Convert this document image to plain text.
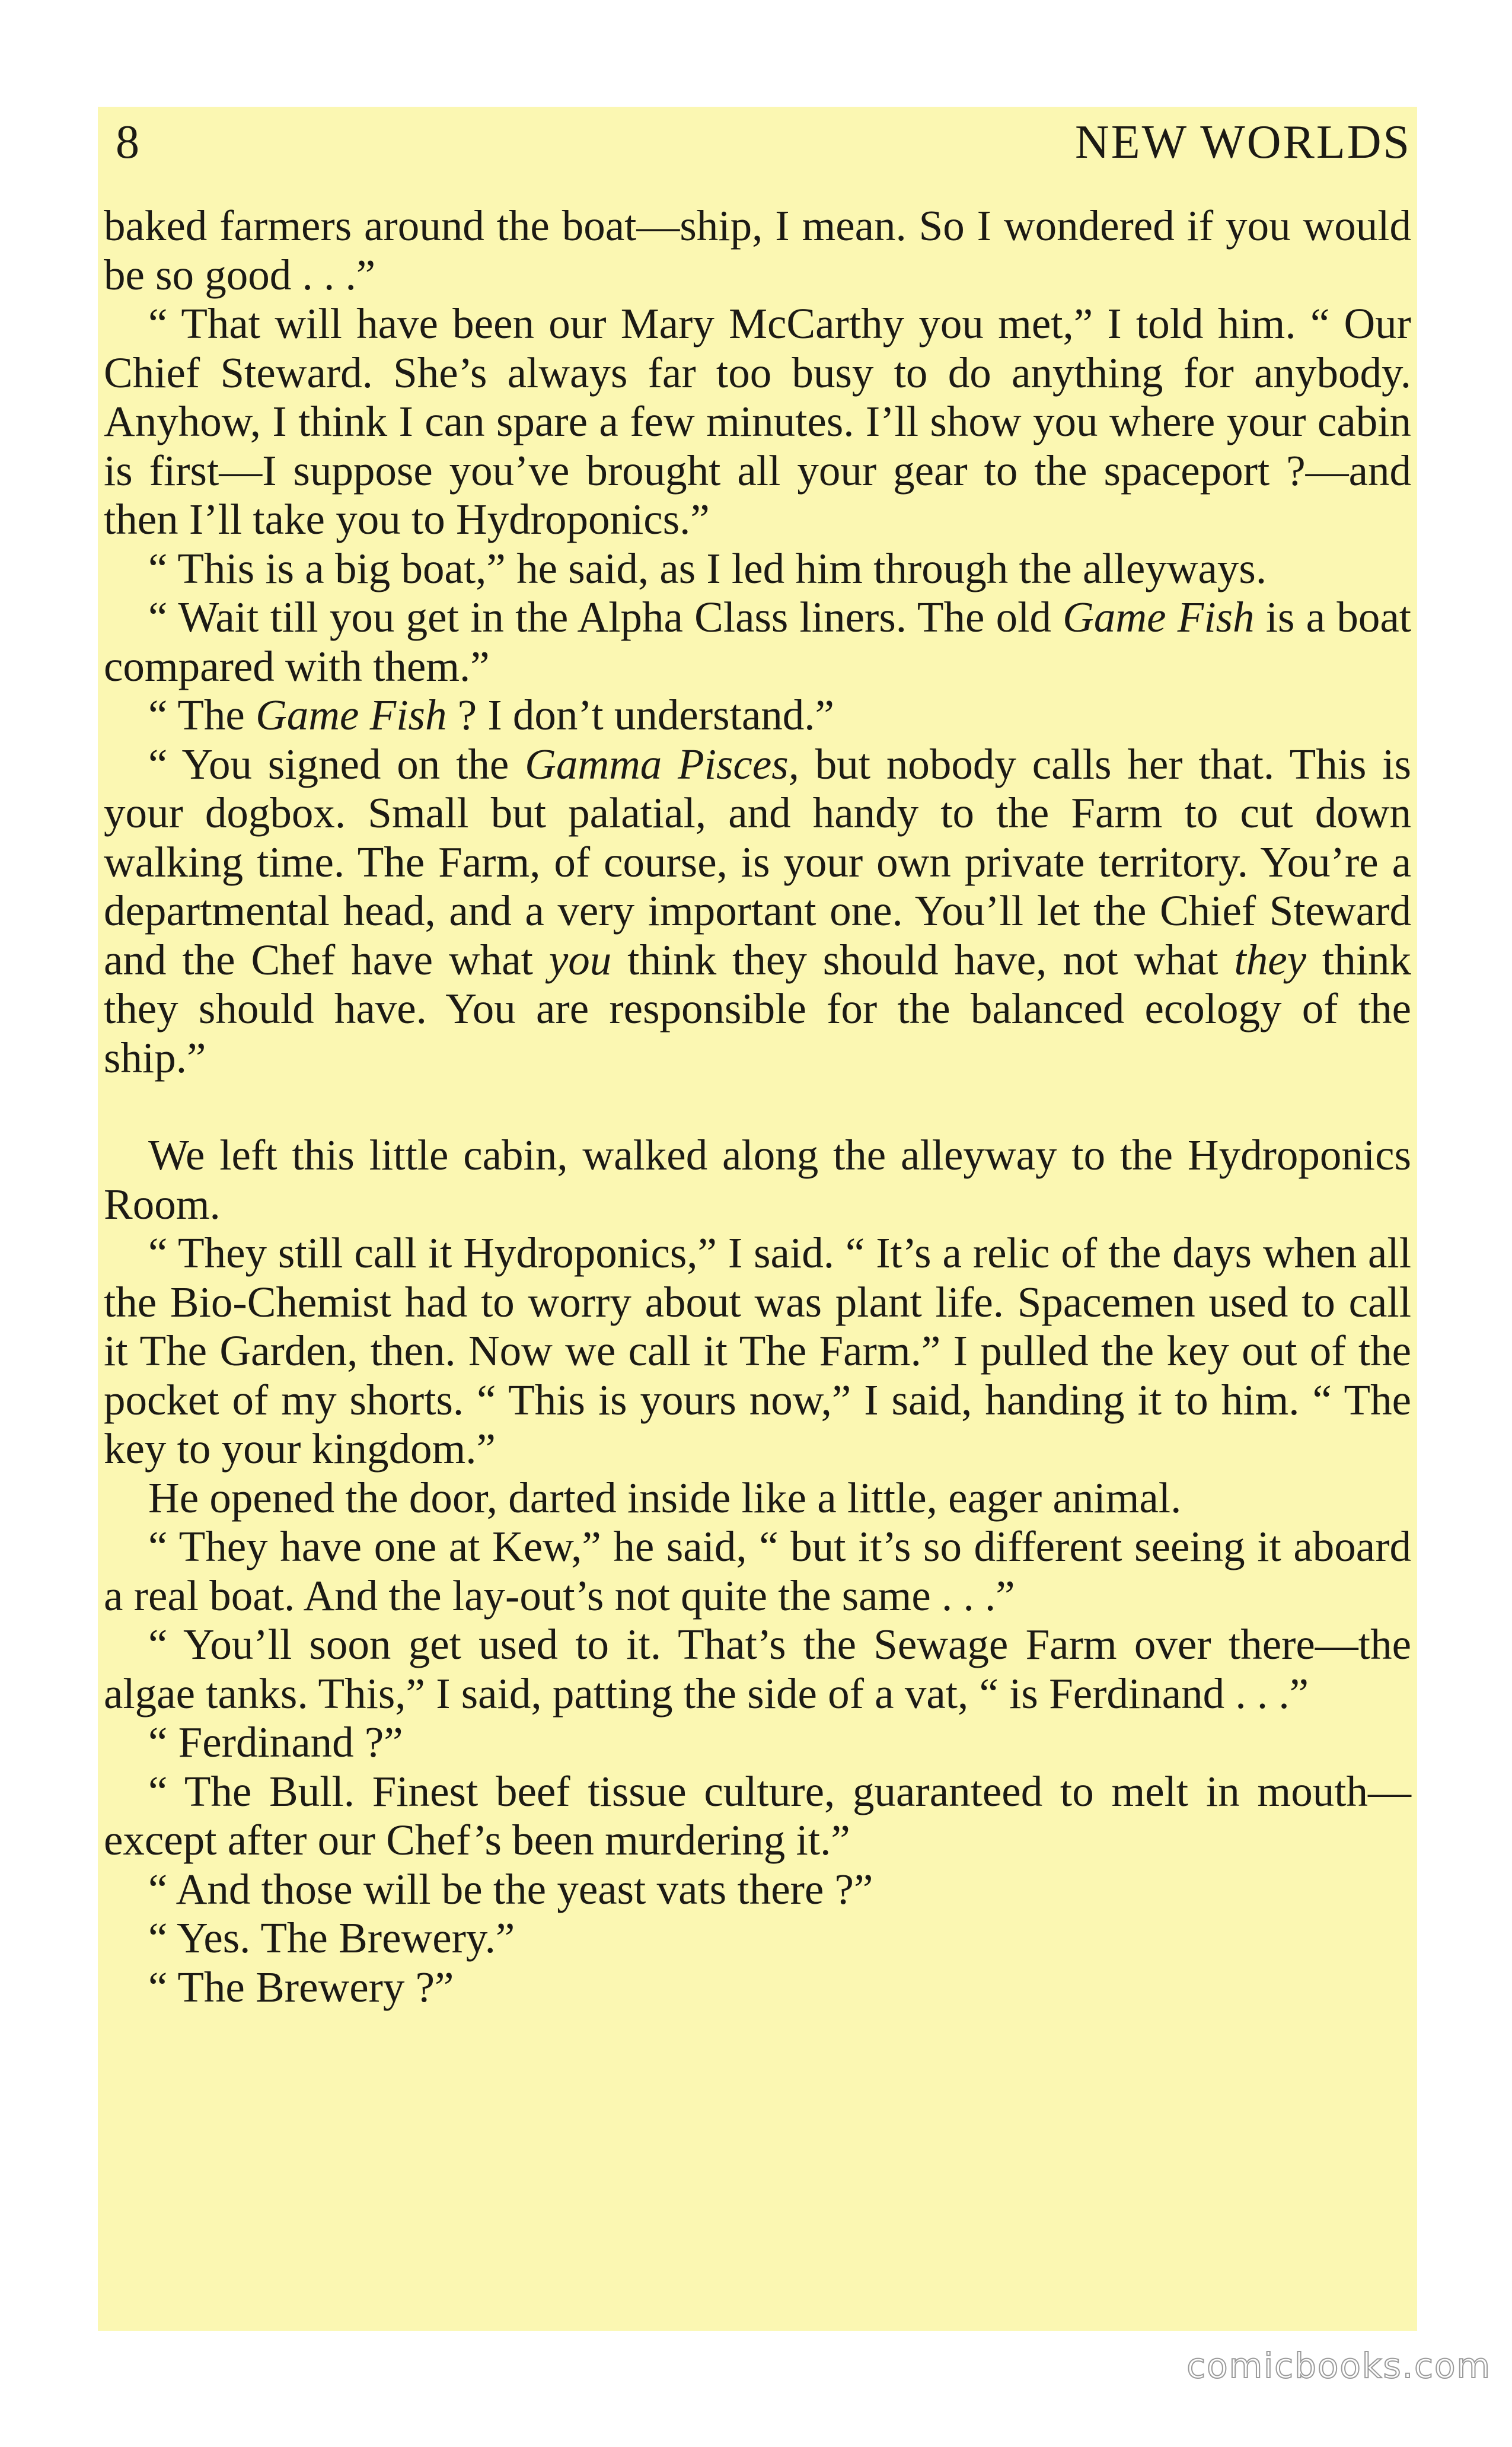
8	NEW WORLDS

baked farmers around the boat—ship, I mean. So I wondered if you would be so good . . .”

“ That will have been our Mary McCarthy you met,” I told him. “ Our Chief Steward. She’s always far too busy to do anything for anybody. Anyhow, I think I can spare a few minutes. I’ll show you where your cabin is first—I suppose you’ve brought all your gear to the spaceport ?—and then I’ll take you to Hydroponics.”

“ This is a big boat,” he said, as I led him through the alleyways.

“ Wait till you get in the Alpha Class liners. The old Game Fish is a boat compared with them.”

“ The Game Fish ? I don’t understand.”

“ You signed on the Gamma Pisces, but nobody calls her that. This is your dogbox. Small but palatial, and handy to the Farm to cut down walking time. The Farm, of course, is your own private territory. You’re a departmental head, and a very important one. You’ll let the Chief Steward and the Chef have what you think they should have, not what they think they should have. You are responsible for the balanced ecology of the ship.”

We left this little cabin, walked along the alleyway to the Hydroponics Room.

“ They still call it Hydroponics,” I said. “ It’s a relic of the days when all the Bio-Chemist had to worry about was plant life. Spacemen used to call it The Garden, then. Now we call it The Farm.” I pulled the key out of the pocket of my shorts. “ This is yours now,” I said, handing it to him. “ The key to your kingdom.”

He opened the door, darted inside like a little, eager animal.

“ They have one at Kew,” he said, “ but it’s so different seeing it aboard a real boat. And the lay-out’s not quite the same . . .”

“ You’ll soon get used to it. That’s the Sewage Farm over there—the algae tanks. This,” I said, patting the side of a vat, “ is Ferdinand . . .”

“ Ferdinand ?”

“ The Bull. Finest beef tissue culture, guaranteed to melt in mouth—except after our Chef’s been murdering it.”

“ And those will be the yeast vats there ?”

“ Yes. The Brewery.”

“ The Brewery ?”

comicbooks.com
